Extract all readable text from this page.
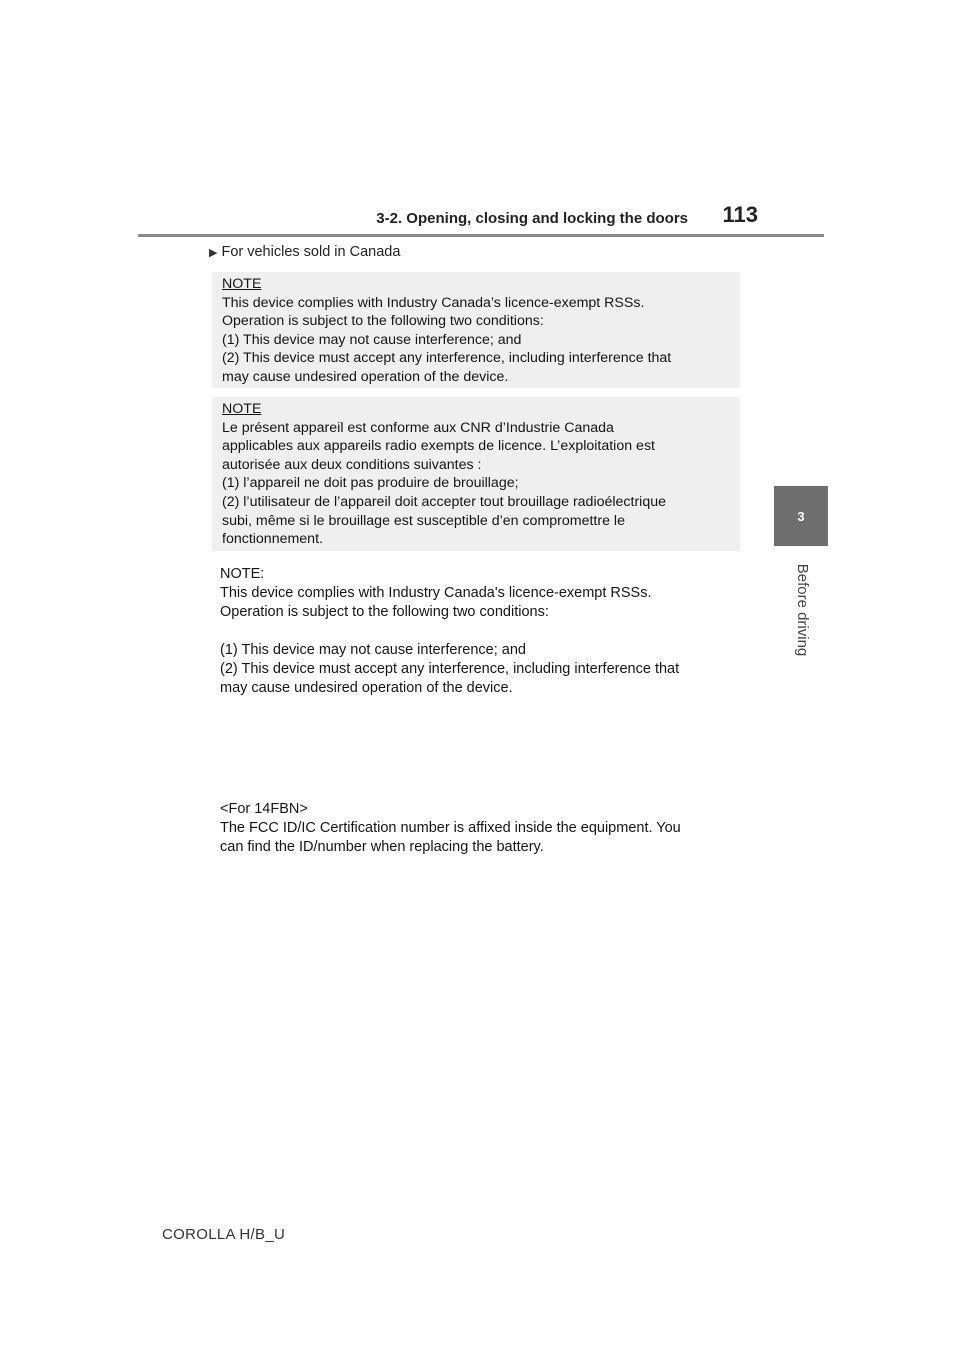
3-2. Opening, closing and locking the doors 113
3
Before driving
▶ For vehicles sold in Canada

NOTE

This device complies with Industry Canada’s licence-exempt RSSs.

Operation is subject to the following two conditions:

(1) This device may not cause interference; and

(2) This device must accept any interference, including interference that

may cause undesired operation of the device.

NOTE

Le présent appareil est conforme aux CNR d’Industrie Canada

applicables aux appareils radio exempts de licence. L’exploitation est

autorisée aux deux conditions suivantes :

(1) l’appareil ne doit pas produire de brouillage;

(2) l’utilisateur de l’appareil doit accepter tout brouillage radioélectrique

subi, même si le brouillage est susceptible d’en compromettre le

fonctionnement.

NOTE:

This device complies with Industry Canada's licence-exempt RSSs.

Operation is subject to the following two conditions:

(1) This device may not cause interference; and

(2) This device must accept any interference, including interference that

may cause undesired operation of the device.

<For 14FBN>

The FCC ID/IC Certification number is affixed inside the equipment. You

can find the ID/number when replacing the battery.

COROLLA H/B_U
